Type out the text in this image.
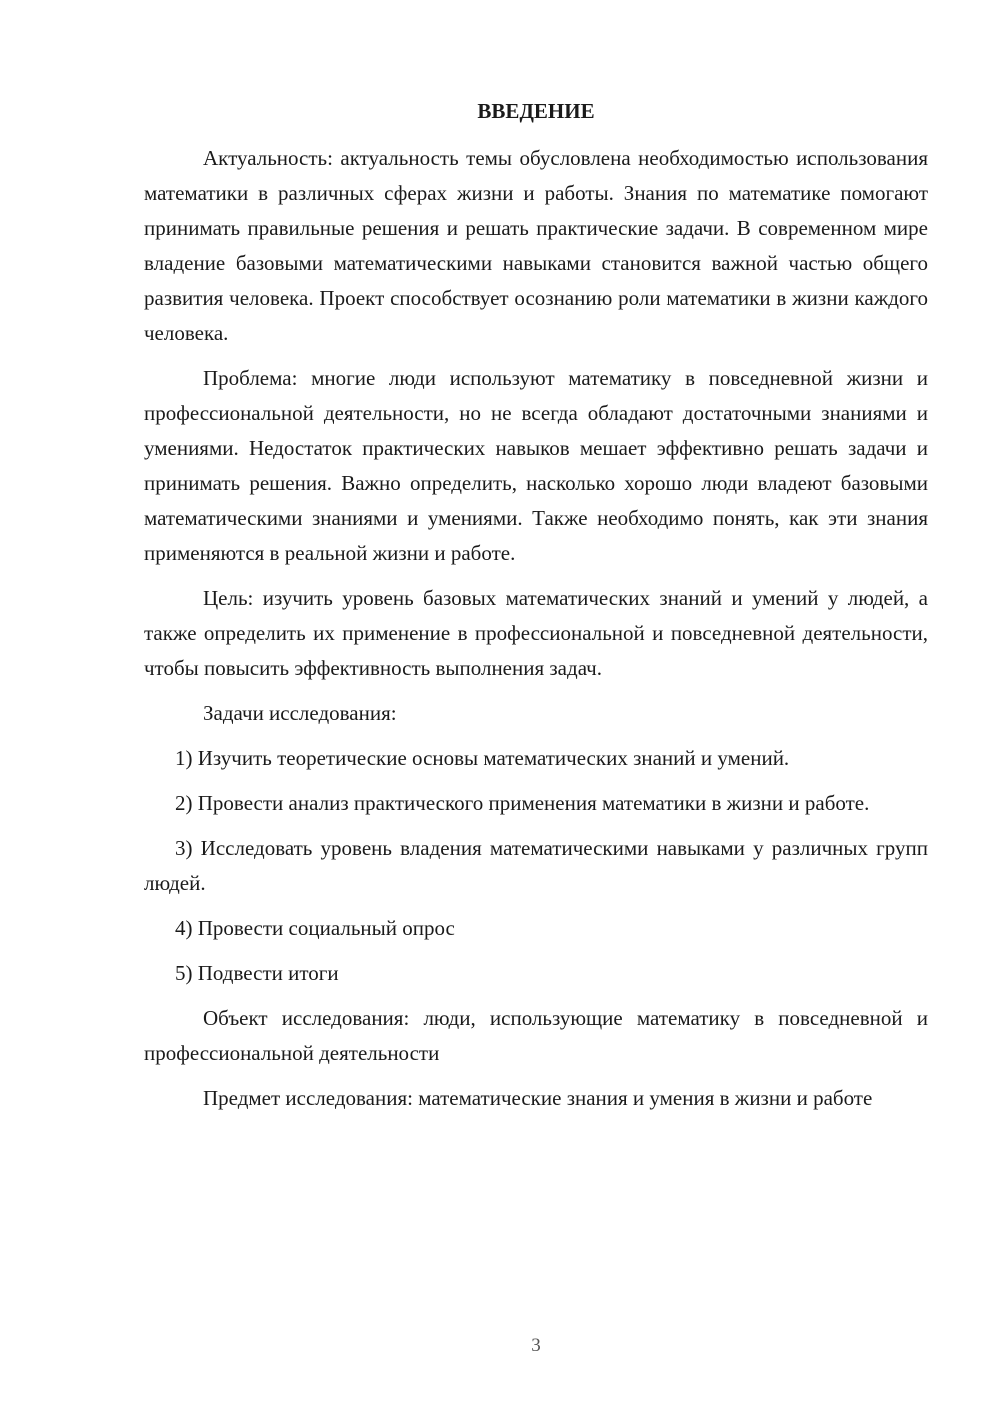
ВВЕДЕНИЕ

Актуальность: актуальность темы обусловлена необходимостью использования математики в различных сферах жизни и работы. Знания по математике помогают принимать правильные решения и решать практические задачи. В современном мире владение базовыми математическими навыками становится важной частью общего развития человека. Проект способствует осознанию роли математики в жизни каждого человека.

Проблема: многие люди используют математику в повседневной жизни и профессиональной деятельности, но не всегда обладают достаточными знаниями и умениями. Недостаток практических навыков мешает эффективно решать задачи и принимать решения. Важно определить, насколько хорошо люди владеют базовыми математическими знаниями и умениями. Также необходимо понять, как эти знания применяются в реальной жизни и работе.

Цель: изучить уровень базовых математических знаний и умений у людей, а также определить их применение в профессиональной и повседневной деятельности, чтобы повысить эффективность выполнения задач.

Задачи исследования:

1) Изучить теоретические основы математических знаний и умений.

2) Провести анализ практического применения математики в жизни и работе.

3) Исследовать уровень владения математическими навыками у различных групп людей.

4) Провести социальный опрос

5) Подвести итоги

Объект исследования: люди, использующие математику в повседневной и профессиональной деятельности

Предмет исследования: математические знания и умения в жизни и работе

3
